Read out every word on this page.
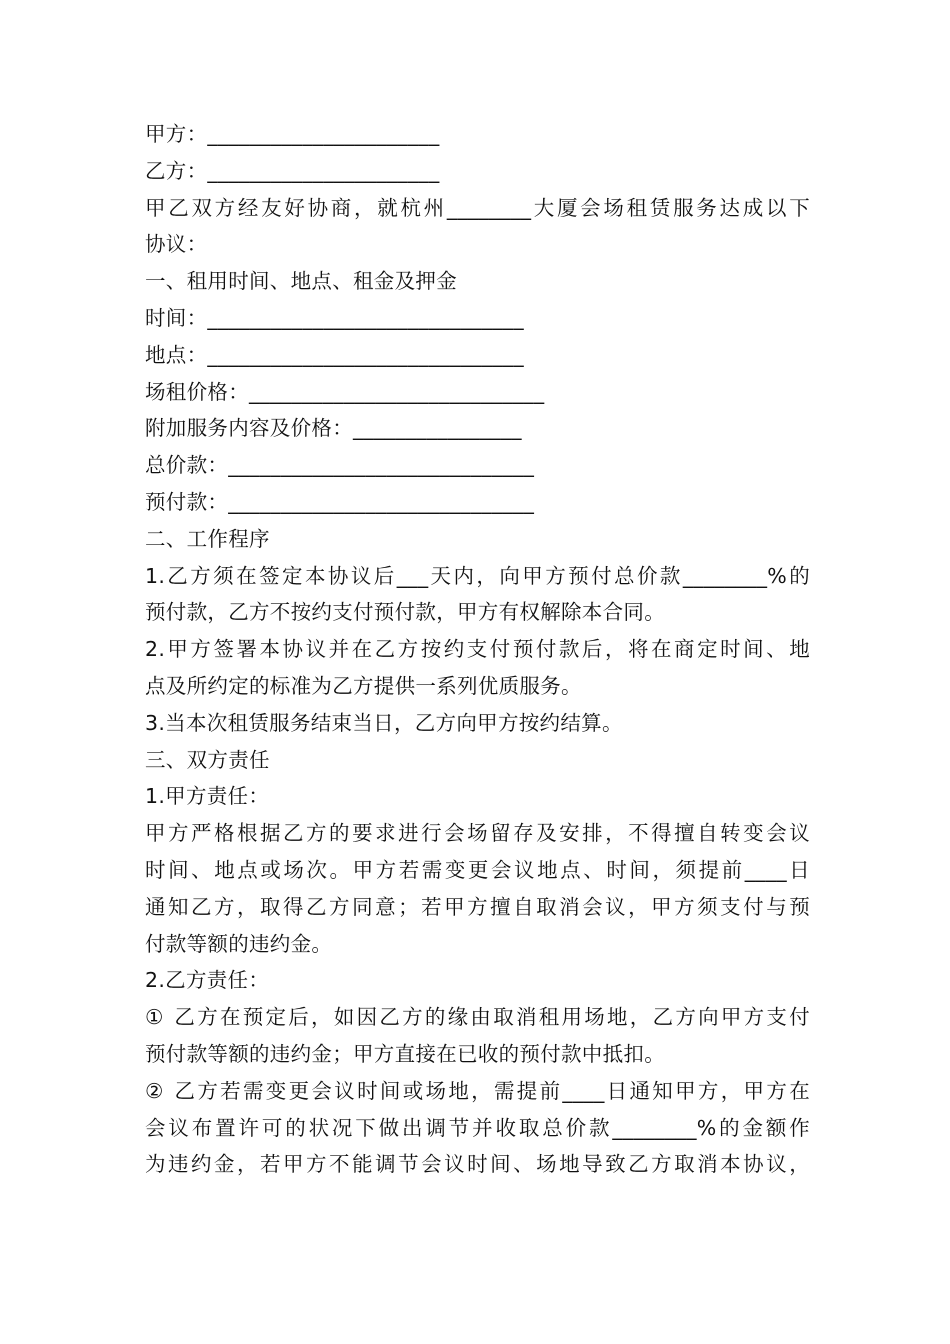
甲方：______________________
乙方：______________________
甲乙双方经友好协商，就杭州________大厦会场租赁服务达成以下
协议：
一、租用时间、地点、租金及押金
时间：______________________________
地点：______________________________
场租价格：____________________________
附加服务内容及价格：________________
总价款：_____________________________
预付款：_____________________________
二、工作程序
1.乙方须在签定本协议后___天内，向甲方预付总价款________%的
预付款，乙方不按约支付预付款，甲方有权解除本合同。
2.甲方签署本协议并在乙方按约支付预付款后，将在商定时间、地
点及所约定的标准为乙方提供一系列优质服务。
3.当本次租赁服务结束当日，乙方向甲方按约结算。
三、双方责任
1.甲方责任：
甲方严格根据乙方的要求进行会场留存及安排，不得擅自转变会议
时间、地点或场次。甲方若需变更会议地点、时间，须提前____日
通知乙方，取得乙方同意；若甲方擅自取消会议，甲方须支付与预
付款等额的违约金。
2.乙方责任：
① 乙方在预定后，如因乙方的缘由取消租用场地，乙方向甲方支付
预付款等额的违约金；甲方直接在已收的预付款中抵扣。
② 乙方若需变更会议时间或场地，需提前____日通知甲方，甲方在
会议布置许可的状况下做出调节并收取总价款________%的金额作
为违约金，若甲方不能调节会议时间、场地导致乙方取消本协议，
